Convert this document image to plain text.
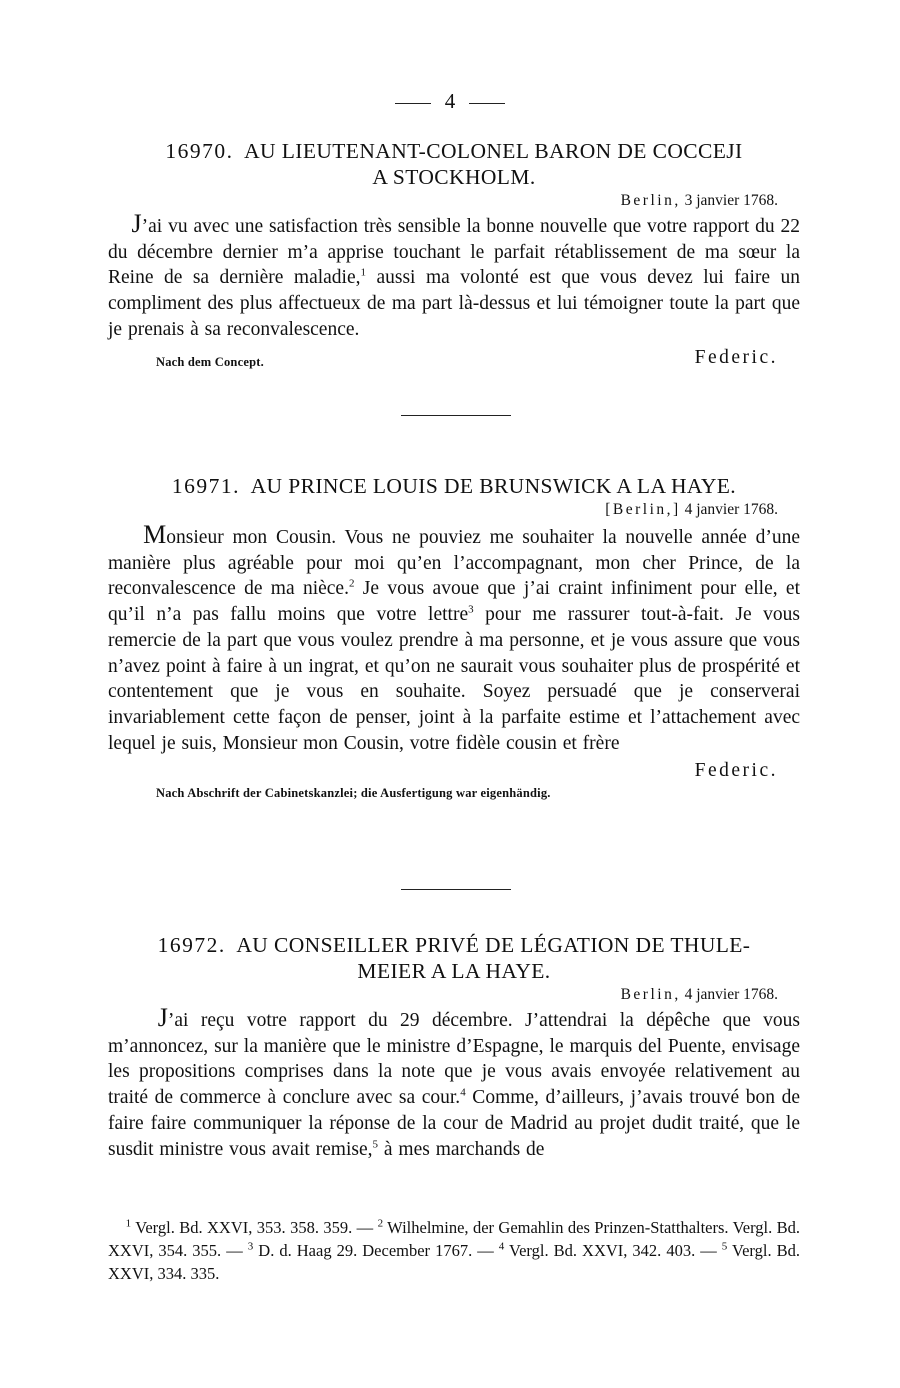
4
16970. AU LIEUTENANT-COLONEL BARON DE COCCEJI
A STOCKHOLM.
Berlin, 3 janvier 1768.
J’ai vu avec une satisfaction très sensible la bonne nouvelle que votre rapport du 22 du décembre dernier m’a apprise touchant le parfait rétablissement de ma sœur la Reine de sa dernière maladie,$^1$ aussi ma volonté est que vous devez lui faire un compliment des plus affectueux de ma part là-dessus et lui témoigner toute la part que je prenais à sa reconvalescence.
Nach dem Concept.	Federic.
16971. AU PRINCE LOUIS DE BRUNSWICK A LA HAYE.
[Berlin,] 4 janvier 1768.
Monsieur mon Cousin. Vous ne pouviez me souhaiter la nouvelle année d’une manière plus agréable pour moi qu’en l’accompagnant, mon cher Prince, de la reconvalescence de ma nièce.$^2$ Je vous avoue que j’ai craint infiniment pour elle, et qu’il n’a pas fallu moins que votre lettre$^3$ pour me rassurer tout-à-fait. Je vous remercie de la part que vous voulez prendre à ma personne, et je vous assure que vous n’avez point à faire à un ingrat, et qu’on ne saurait vous souhaiter plus de prospérité et contentement que je vous en souhaite. Soyez persuadé que je conserverai invariablement cette façon de penser, joint à la parfaite estime et l’attachement avec lequel je suis, Monsieur mon Cousin, votre fidèle cousin et frère
Federic.
Nach Abschrift der Cabinetskanzlei; die Ausfertigung war eigenhändig.
16972. AU CONSEILLER PRIVÉ DE LÉGATION DE THULE-
MEIER A LA HAYE.
Berlin, 4 janvier 1768.
J’ai reçu votre rapport du 29 décembre. J’attendrai la dépêche que vous m’annoncez, sur la manière que le ministre d’Espagne, le marquis del Puente, envisage les propositions comprises dans la note que je vous avais envoyée relativement au traité de commerce à conclure avec sa cour.$^4$ Comme, d’ailleurs, j’avais trouvé bon de faire faire communiquer la réponse de la cour de Madrid au projet dudit traité, que le susdit ministre vous avait remise,$^5$ à mes marchands de
$^1$ Vergl. Bd. XXVI, 353. 358. 359. — $^2$ Wilhelmine, der Gemahlin des Prinzen-Statthalters. Vergl. Bd. XXVI, 354. 355. — $^3$ D. d. Haag 29. December 1767. — $^4$ Vergl. Bd. XXVI, 342. 403. — $^5$ Vergl. Bd. XXVI, 334. 335.
